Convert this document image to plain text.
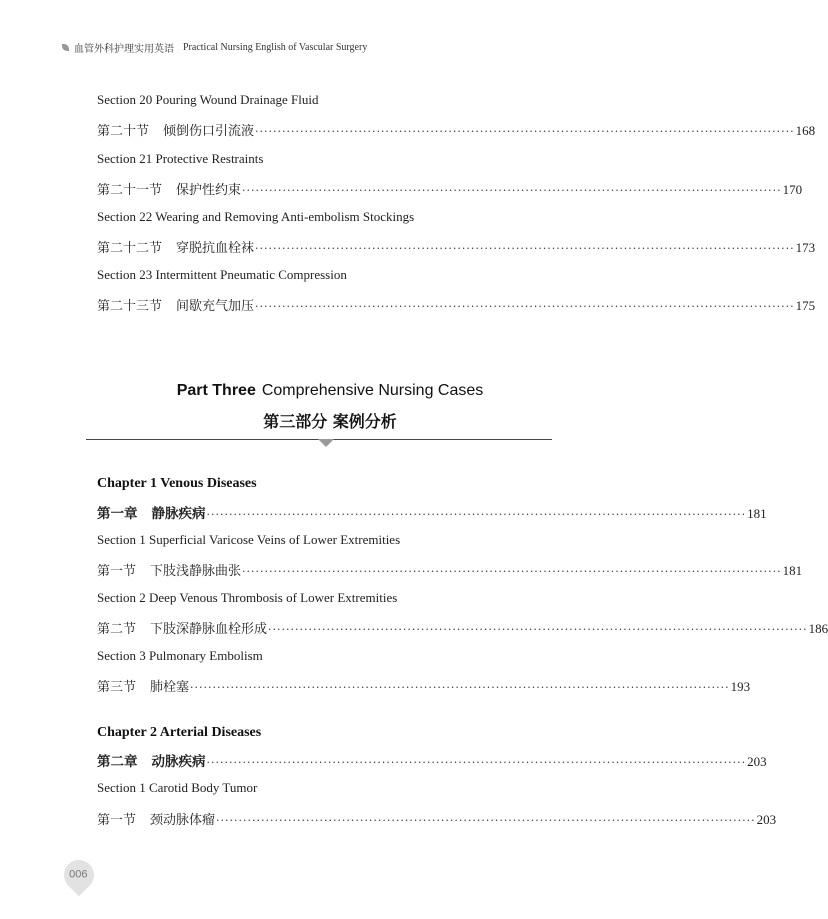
血管外科护理实用英语 Practical Nursing English of Vascular Surgery
Section 20 Pouring Wound Drainage Fluid
第二十节 倾倒伤口引流液 ························································································································ 168
Section 21 Protective Restraints
第二十一节 保护性约束 ························································································································ 170
Section 22 Wearing and Removing Anti-embolism Stockings
第二十二节 穿脱抗血栓袜 ························································································································ 173
Section 23 Intermittent Pneumatic Compression
第二十三节 间歇充气加压 ························································································································ 175
Part Three Comprehensive Nursing Cases
第三部分 案例分析
Chapter 1 Venous Diseases
第一章 静脉疾病 ························································································································ 181
Section 1 Superficial Varicose Veins of Lower Extremities
第一节 下肢浅静脉曲张 ························································································································ 181
Section 2 Deep Venous Thrombosis of Lower Extremities
第二节 下肢深静脉血栓形成 ························································································································ 186
Section 3 Pulmonary Embolism
第三节 肺栓塞 ························································································································ 193
Chapter 2 Arterial Diseases
第二章 动脉疾病 ························································································································ 203
Section 1 Carotid Body Tumor
第一节 颈动脉体瘤 ························································································································ 203
006
